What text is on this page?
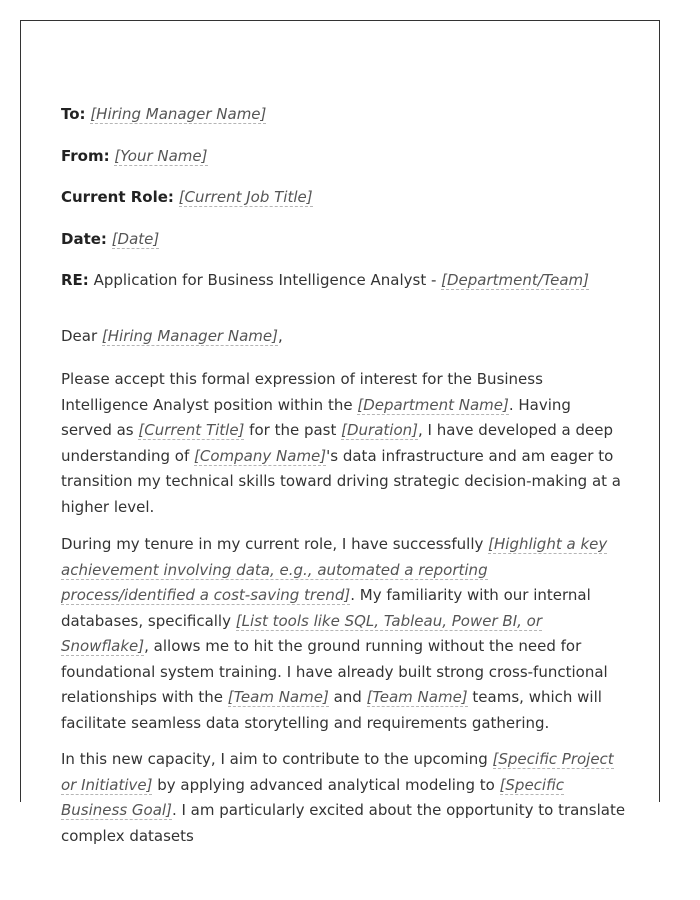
To: [Hiring Manager Name]
From: [Your Name]
Current Role: [Current Job Title]
Date: [Date]
RE: Application for Business Intelligence Analyst - [Department/Team]
Dear [Hiring Manager Name],

Please accept this formal expression of interest for the Business Intelligence Analyst position within the [Department Name]. Having served as [Current Title] for the past [Duration], I have developed a deep understanding of [Company Name]'s data infrastructure and am eager to transition my technical skills toward driving strategic decision-making at a higher level.

During my tenure in my current role, I have successfully [Highlight a key achievement involving data, e.g., automated a reporting process/identified a cost-saving trend]. My familiarity with our internal databases, specifically [List tools like SQL, Tableau, Power BI, or Snowflake], allows me to hit the ground running without the need for foundational system training. I have already built strong cross-functional relationships with the [Team Name] and [Team Name] teams, which will facilitate seamless data storytelling and requirements gathering.

In this new capacity, I aim to contribute to the upcoming [Specific Project or Initiative] by applying advanced analytical modeling to [Specific Business Goal]. I am particularly excited about the opportunity to translate complex datasets
